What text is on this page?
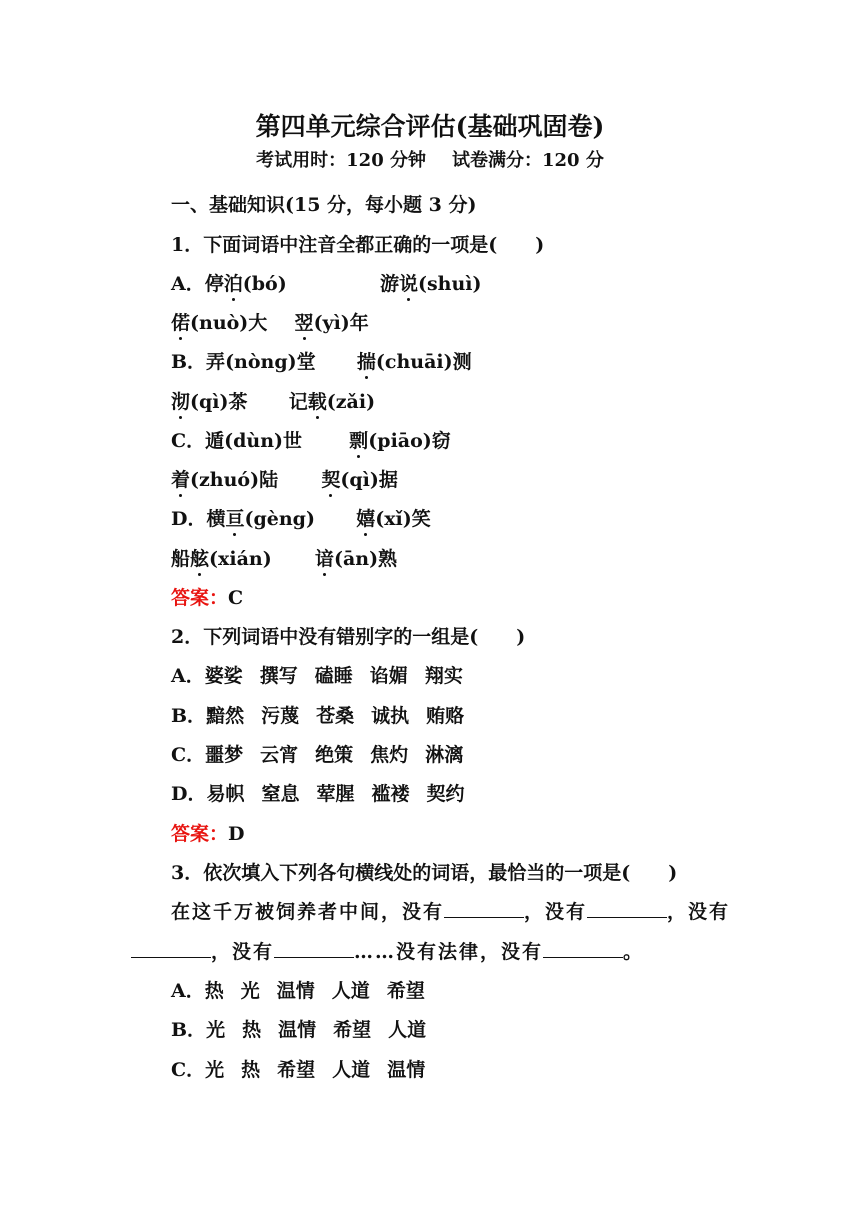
第四单元综合评估(基础巩固卷)
考试用时：120 分钟 试卷满分：120 分
一、基础知识(15 分，每小题 3 分)
1．下面词语中注音全都正确的一项是(　　)
A．停泊(bó)	游说(shuì)
偌(nuò)大 翌(yì)年
B．弄(nòng)堂 揣(chuāi)测
沏(qì)茶 记载(zǎi)
C．遁(dùn)世 剽(piāo)窃
着(zhuó)陆 契(qì)据
D．横亘(gèng) 嬉(xǐ)笑
船舷(xián) 谙(ān)熟
答案：C
2．下列词语中没有错别字的一组是(　　)
A．婆娑 撰写 磕睡 谄媚 翔实
B．黯然 污蔑 苍桑 诚执 贿赂
C．噩梦 云宵 绝策 焦灼 淋漓
D．易帜 窒息 荤腥 褴褛 契约
答案：D
3．依次填入下列各句横线处的词语，最恰当的一项是(　　)
在这千万被饲养者中间，没有	，没有	，没有
，没有	……没有法律，没有	。
A．热 光 温情 人道 希望
B．光 热 温情 希望 人道
C．光 热 希望 人道 温情
